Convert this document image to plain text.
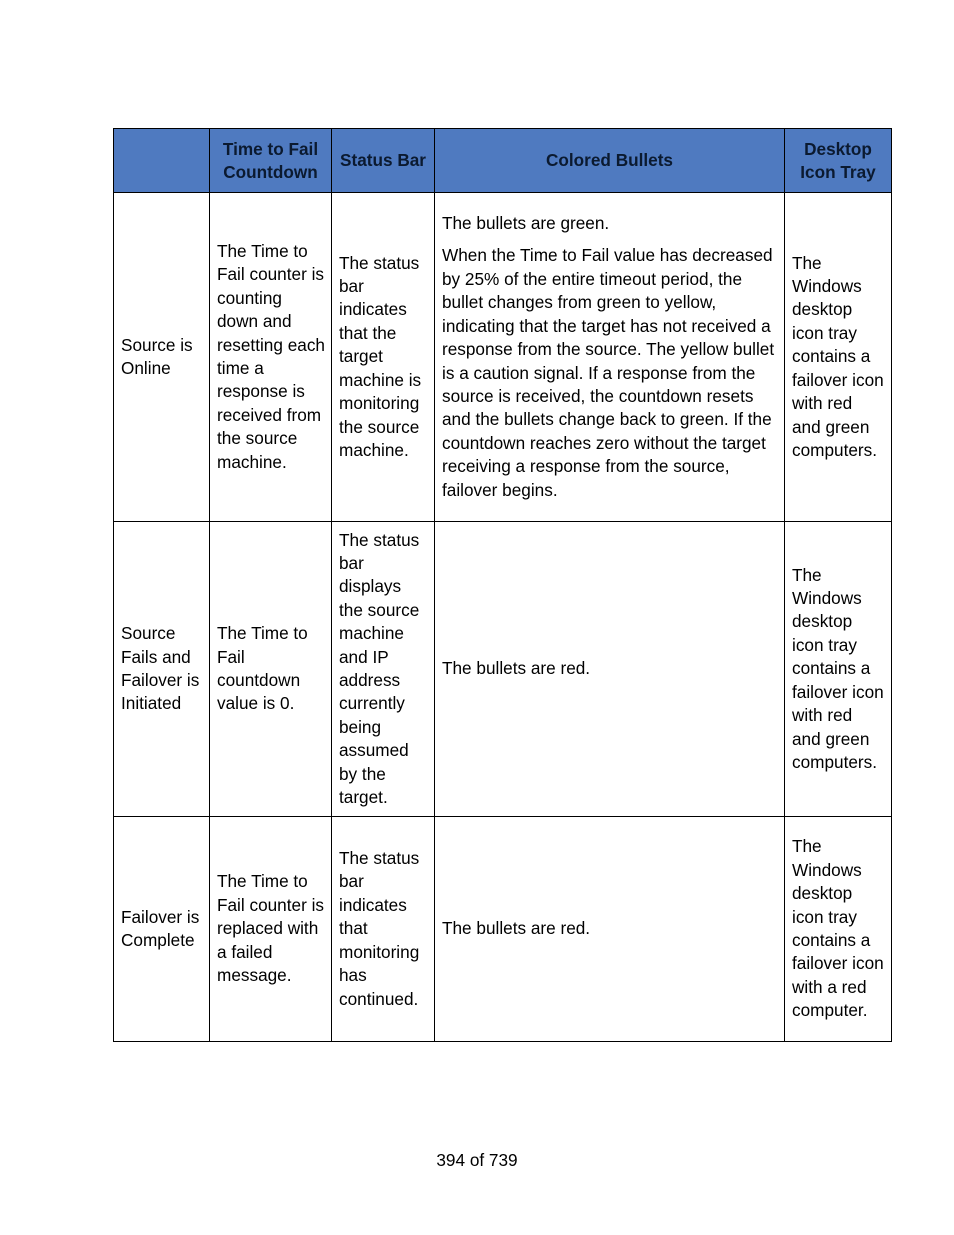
	Time to Fail Countdown	Status Bar	Colored Bullets	Desktop Icon Tray
Source is Online	The Time to Fail counter is counting down and resetting each time a response is received from the source machine.	The status bar indicates that the target machine is monitoring the source machine.	The bullets are green.

When the Time to Fail value has decreased by 25% of the entire timeout period, the bullet changes from green to yellow, indicating that the target has not received a response from the source. The yellow bullet is a caution signal. If a response from the source is received, the countdown resets and the bullets change back to green. If the countdown reaches zero without the target receiving a response from the source, failover begins.	The Windows desktop icon tray contains a failover icon with red and green computers.
Source Fails and Failover is Initiated	The Time to Fail countdown value is 0.	The status bar displays the source machine and IP address currently being assumed by the target.	The bullets are red.	The Windows desktop icon tray contains a failover icon with red and green computers.
Failover is Complete	The Time to Fail counter is replaced with a failed message.	The status bar indicates that monitoring has continued.	The bullets are red.	The Windows desktop icon tray contains a failover icon with a red computer.
394 of 739
